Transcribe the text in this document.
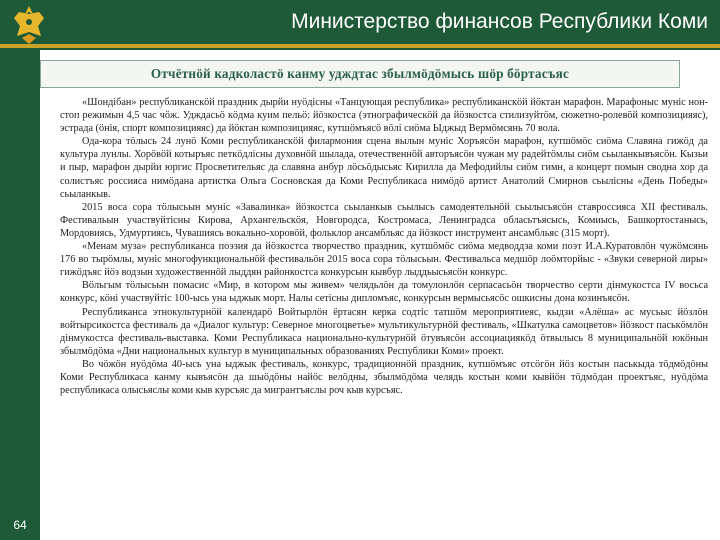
Министерство финансов Республики Коми
64
Отчётнӧй кадколастӧ канму удждтас збылмӧдӧмысь шӧр бӧртасъяс

«Шондiбан» республиканскӧй праздник дырйи нуӧдiсны «Танцующая республика» республиканскӧй йӧктан марафон. Марафоныс муніс нон-стоп режимын 4,5 час чӧж. Удждасьӧ кӧдма куим пельӧ: йӧзкостса (этнографическӧй да йӧзкостса стилизуйтӧм, сюжетно-ролевӧй композицияяс), эстрада (ӧнiя, спорт композицияяс) да йӧктан композицияяс, кутшӧмъясӧ вӧлi сиӧма Ыджыд Вермӧмсянь 70 вола.

Ода-кора тӧлысь 24 лунӧ Коми республиканскӧй филармония сцена вылын муніс Хоръясӧн марафон, кутшӧмӧс сиӧма Славяна гижӧд да культура лунлы. Хорӧвӧй котыръяс петкӧдлiсны духовнӧй шылада, отечественнӧй авторъясӧн чужан му радейтӧмлы сиӧм сьыланкывъясӧн. Кызьи и пыр, марафон дырйи юргис Просветительяс да славяна анбур лӧсьӧдысьяс Кирилла да Мефодийлы сиӧм гимн, а концерт помын сводна хор да солистъяс россияса нимӧдана артистка Ольга Сосновская да Коми Республикаса нимӧдӧ артист Анатолий Смирнов сьылiсны «День Победы» сьыланкыв.

2015 воса сора тӧлысьын муніс «Завалинка» йӧзкостса сьыланкыв сьылысь самодеятельнӧй сьылысьясӧн ставроссияса XII фестиваль. Фестивальын участвуйтiсны Кирова, Архангельскӧя, Новгородса, Костромаса, Ленинградса обласьтъясысь, Комиысь, Башкортостанысь, Мордовиясь, Удмуртиясь, Чувашиясь вокально-хоровӧй, фольклор ансамбльяс да йӧзкост инструмент ансамбльяс (315 морт).

«Менам муза» республиканса поэзия да йӧзкостса творчество праздник, кутшӧмӧс сиӧма медводдза коми поэт И.А.Куратовлӧн чужӧмсянь 176 во тырӧмлы, муніс многофункциональнӧй фестивальӧн 2015 воса сора тӧлысьын. Фестивальса медшӧр лоӧмторйыс - «Звуки северной лиры» гижӧдъяс йӧз водзын художественнӧй лыддян районкостса конкурсын кывбур лыддьысьясӧн конкурс.

Вӧльгым тӧлысьын помасис «Мир, в котором мы живем» челядьлӧн да томулонлӧн серпасасьӧн творчество серти дiнмукостса IV восьса конкурс, кӧнi участвуйтiс 100-ысь уна ыджык морт. Налы сетiсны дипломъяс, конкурсын вермысьясӧс ошкисны дона козинъясӧн.

Республиканса этнокультурнӧй календарӧ Войтырлӧн ёртасян керка содтiс татшӧм мероприятиеяс, кыдзи «Алёша» ас мусьыс йӧзлӧн войтырсикостса фестиваль да «Диалог культур: Северное многоцветье» мультикультурнӧй фестиваль, «Шкатулка самоцветов» йӧзкост паськӧмлӧн дiнмукостса фестиваль-выставка. Коми Республикаса национально-культурнӧй ӧтувъясӧн ассоциациякӧд ӧтвылысь 8 муниципальнӧй юкӧнын збылмӧдӧма «Дни национальных культур в муниципальных образованиях Республики Коми» проект.

Во чӧжӧн нуӧдӧма 40-ысь уна ыджык фестиваль, конкурс, традиционнӧй праздник, кутшӧмъяс отсӧгӧн йӧз костын паськыда тӧдмӧдӧны Коми Республикаса канму кывъясӧн да шыӧдӧны найӧс велӧдны, збылмӧдӧма челядь костын коми кывйӧн тӧдмӧдан проектъяс, нуӧдӧма республикаса олысьяслы коми кыв курсъяс да мигрантъяслы роч кыв курсъяс.
